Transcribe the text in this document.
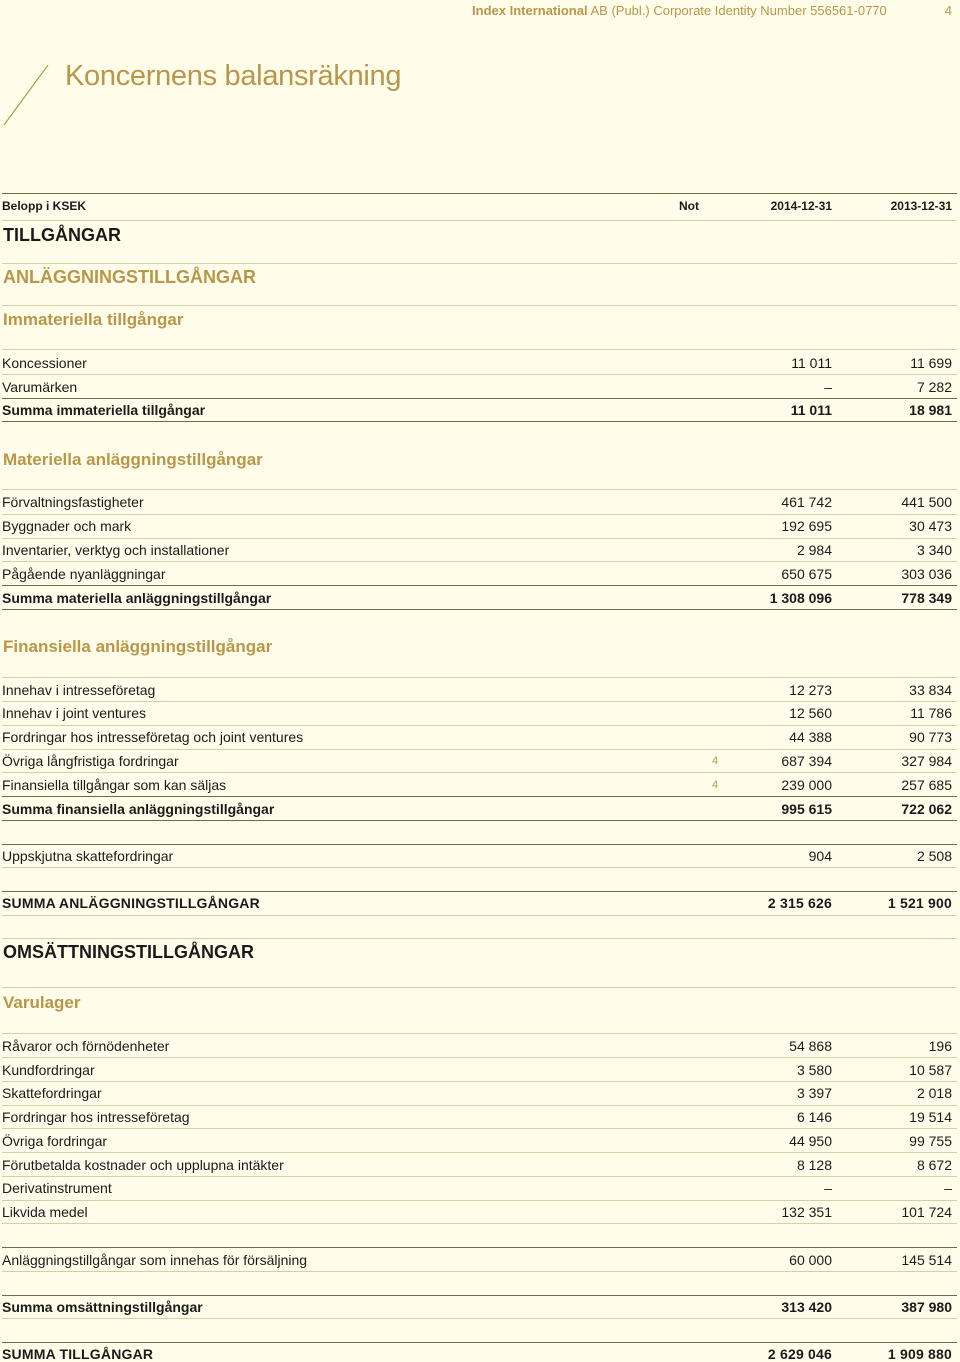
Index International AB (Publ.) Corporate Identity Number 556561-0770	4
Koncernens balansräkning
Belopp i KSEK	Not	2014-12-31	2013-12-31
TILLGÅNGAR
ANLÄGGNINGSTILLGÅNGAR
Immateriella tillgångar
Koncessioner	11 011	11 699
Varumärken	–	7 282
Summa immateriella tillgångar	11 011	18 981
Materiella anläggningstillgångar
Förvaltningsfastigheter	461 742	441 500
Byggnader och mark	192 695	30 473
Inventarier, verktyg och installationer	2 984	3 340
Pågående nyanläggningar	650 675	303 036
Summa materiella anläggningstillgångar	1 308 096	778 349
Finansiella anläggningstillgångar
Innehav i intresseföretag	12 273	33 834
Innehav i joint ventures	12 560	11 786
Fordringar hos intresseföretag och joint ventures	44 388	90 773
Övriga långfristiga fordringar	4	687 394	327 984
Finansiella tillgångar som kan säljas	4	239 000	257 685
Summa finansiella anläggningstillgångar	995 615	722 062
Uppskjutna skattefordringar	904	2 508
SUMMA ANLÄGGNINGSTILLGÅNGAR	2 315 626	1 521 900
OMSÄTTNINGSTILLGÅNGAR
Varulager
Råvaror och förnödenheter	54 868	196
Kundfordringar	3 580	10 587
Skattefordringar	3 397	2 018
Fordringar hos intresseföretag	6 146	19 514
Övriga fordringar	44 950	99 755
Förutbetalda kostnader och upplupna intäkter	8 128	8 672
Derivatinstrument	–	–
Likvida medel	132 351	101 724
Anläggningstillgångar som innehas för försäljning	60 000	145 514
Summa omsättningstillgångar	313 420	387 980
SUMMA TILLGÅNGAR	2 629 046	1 909 880
